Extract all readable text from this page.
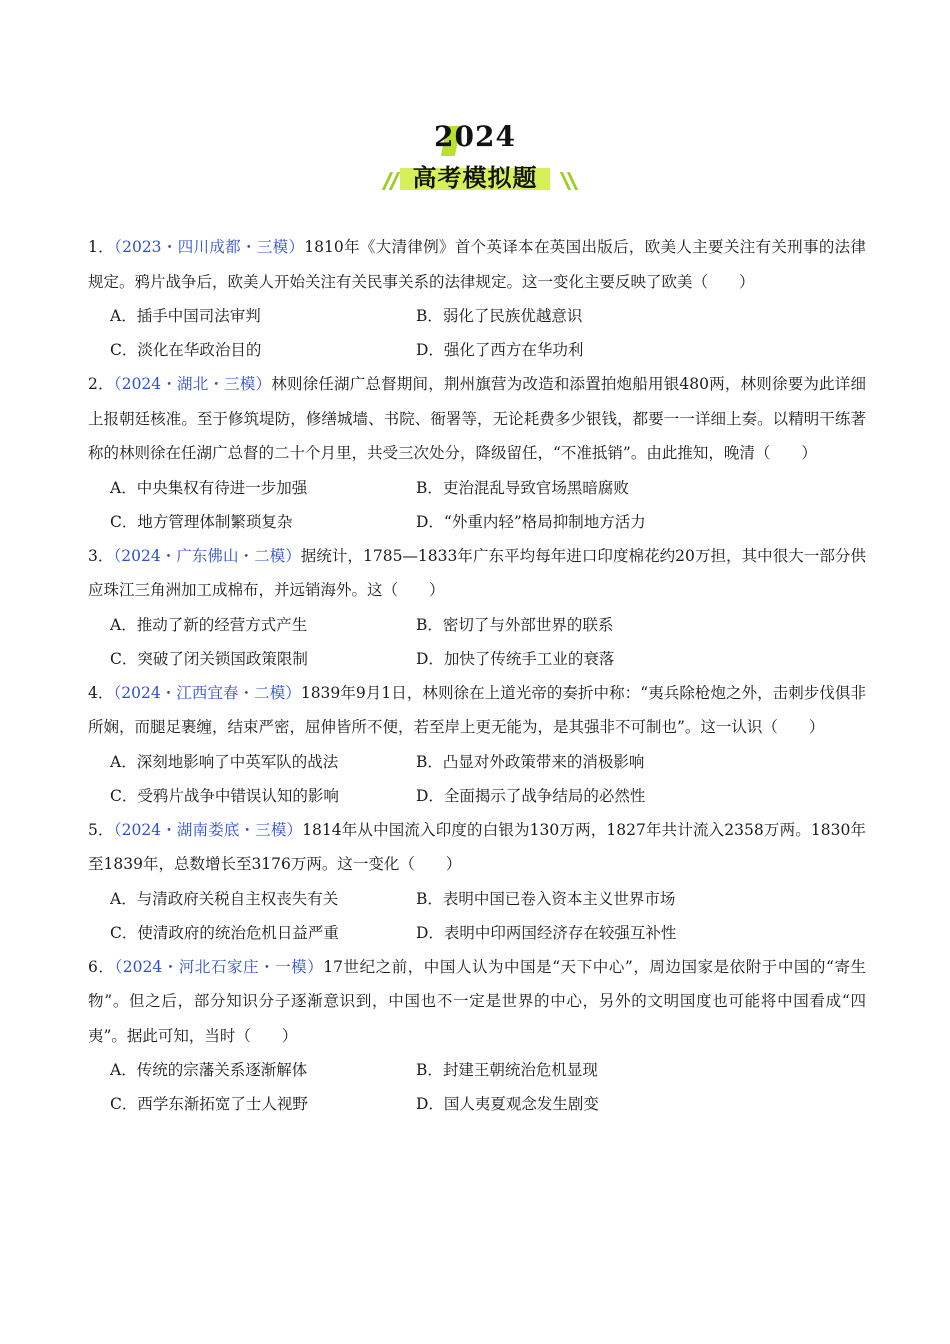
2024
高考模拟题

1．（2023・四川成都・三模）1810年《大清律例》首个英译本在英国出版后，欧美人主要关注有关刑事的法律规定。鸦片战争后，欧美人开始关注有关民事关系的法律规定。这一变化主要反映了欧美（　　）

A．插手中国司法审判	B．弱化了民族优越意识
C．淡化在华政治目的	D．强化了西方在华功利

2．（2024・湖北・三模）林则徐任湖广总督期间，荆州旗营为改造和添置拍炮船用银480两，林则徐要为此详细上报朝廷核准。至于修筑堤防，修缮城墙、书院、衙署等，无论耗费多少银钱，都要一一详细上奏。以精明干练著称的林则徐在任湖广总督的二十个月里，共受三次处分，降级留任，“不准抵销”。由此推知，晚清（　　）

A．中央集权有待进一步加强	B．吏治混乱导致官场黑暗腐败
C．地方管理体制繁琐复杂	D．“外重内轻”格局抑制地方活力

3．（2024・广东佛山・二模）据统计，1785—1833年广东平均每年进口印度棉花约20万担，其中很大一部分供应珠江三角洲加工成棉布，并远销海外。这（　　）

A．推动了新的经营方式产生	B．密切了与外部世界的联系
C．突破了闭关锁国政策限制	D．加快了传统手工业的衰落

4．（2024・江西宜春・二模）1839年9月1日，林则徐在上道光帝的奏折中称：“夷兵除枪炮之外，击刺步伐俱非所娴，而腿足裹缠，结束严密，屈伸皆所不便，若至岸上更无能为，是其强非不可制也”。这一认识（　　）

A．深刻地影响了中英军队的战法	B．凸显对外政策带来的消极影响
C．受鸦片战争中错误认知的影响	D．全面揭示了战争结局的必然性

5．（2024・湖南娄底・三模）1814年从中国流入印度的白银为130万两，1827年共计流入2358万两。1830年至1839年，总数增长至3176万两。这一变化（　　）

A．与清政府关税自主权丧失有关	B．表明中国已卷入资本主义世界市场
C．使清政府的统治危机日益严重	D．表明中印两国经济存在较强互补性

6．（2024・河北石家庄・一模）17世纪之前，中国人认为中国是“天下中心”，周边国家是依附于中国的“寄生物”。但之后，部分知识分子逐渐意识到，中国也不一定是世界的中心，另外的文明国度也可能将中国看成“四夷”。据此可知，当时（　　）

A．传统的宗藩关系逐渐解体	B．封建王朝统治危机显现
C．西学东渐拓宽了士人视野	D．国人夷夏观念发生剧变
